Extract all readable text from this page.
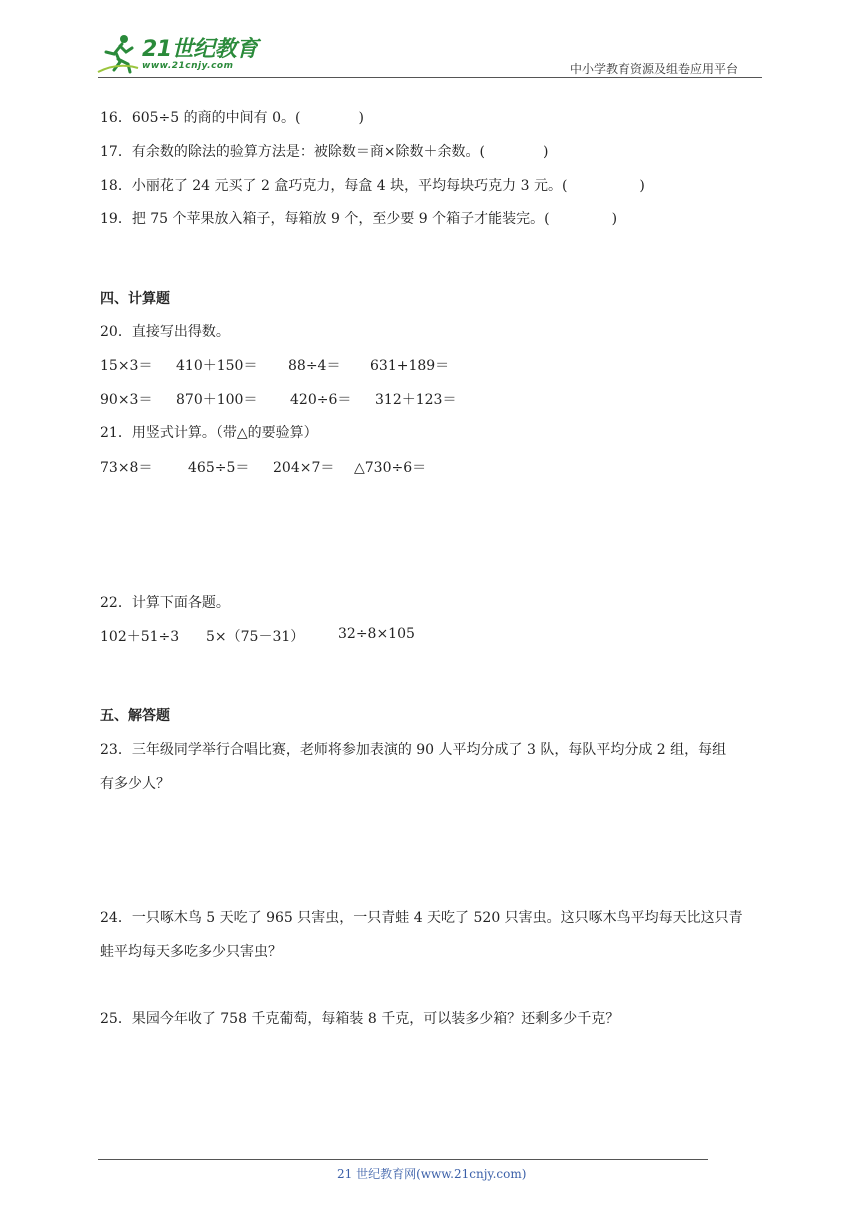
21世纪教育
www.21cnjy.com	中小学教育资源及组卷应用平台
16．605÷5 的商的中间有 0。(	)
17．有余数的除法的验算方法是：被除数＝商×除数＋余数。(	)
18．小丽花了 24 元买了 2 盒巧克力，每盒 4 块，平均每块巧克力 3 元。(	)
19．把 75 个苹果放入箱子，每箱放 9 个，至少要 9 个箱子才能装完。(	)
四、计算题
20．直接写出得数。
15×3＝ 410＋150＝ 88÷4＝ 631+189＝
90×3＝ 870＋100＝ 420÷6＝ 312＋123＝
21．用竖式计算。（带△的要验算）
73×8＝	465÷5＝ 204×7＝ △730÷6＝
22．计算下面各题。
102＋51÷3 5×（75－31） 32÷8×105
五、解答题
23．三年级同学举行合唱比赛，老师将参加表演的 90 人平均分成了 3 队，每队平均分成 2 组，每组
有多少人？
24．一只啄木鸟 5 天吃了 965 只害虫，一只青蛙 4 天吃了 520 只害虫。这只啄木鸟平均每天比这只青
蛙平均每天多吃多少只害虫？
25．果园今年收了 758 千克葡萄，每箱装 8 千克，可以装多少箱？还剩多少千克？
21 世纪教育网(www.21cnjy.com)
